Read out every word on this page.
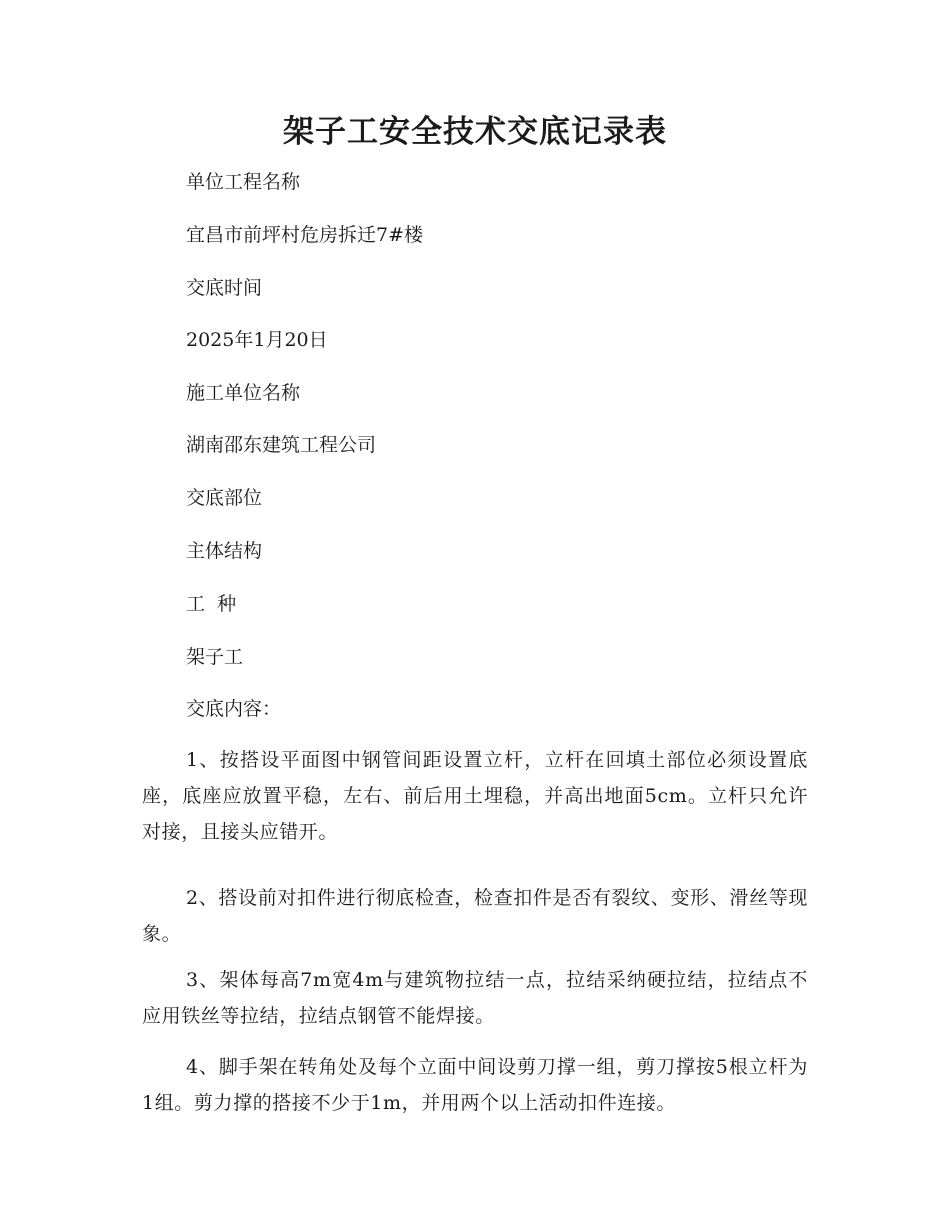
架子工安全技术交底记录表
单位工程名称
宜昌市前坪村危房拆迁7#楼
交底时间
2025年1月20日
施工单位名称
湖南邵东建筑工程公司
交底部位
主体结构
工  种
架子工
交底内容：
1、按搭设平面图中钢管间距设置立杆，立杆在回填土部位必须设置底座，底座应放置平稳，左右、前后用土埋稳，并高出地面5cm。立杆只允许对接，且接头应错开。
2、搭设前对扣件进行彻底检查，检查扣件是否有裂纹、变形、滑丝等现象。
3、架体每高7m宽4m与建筑物拉结一点，拉结采纳硬拉结，拉结点不应用铁丝等拉结，拉结点钢管不能焊接。
4、脚手架在转角处及每个立面中间设剪刀撑一组，剪刀撑按5根立杆为1组。剪力撑的搭接不少于1m，并用两个以上活动扣件连接。
